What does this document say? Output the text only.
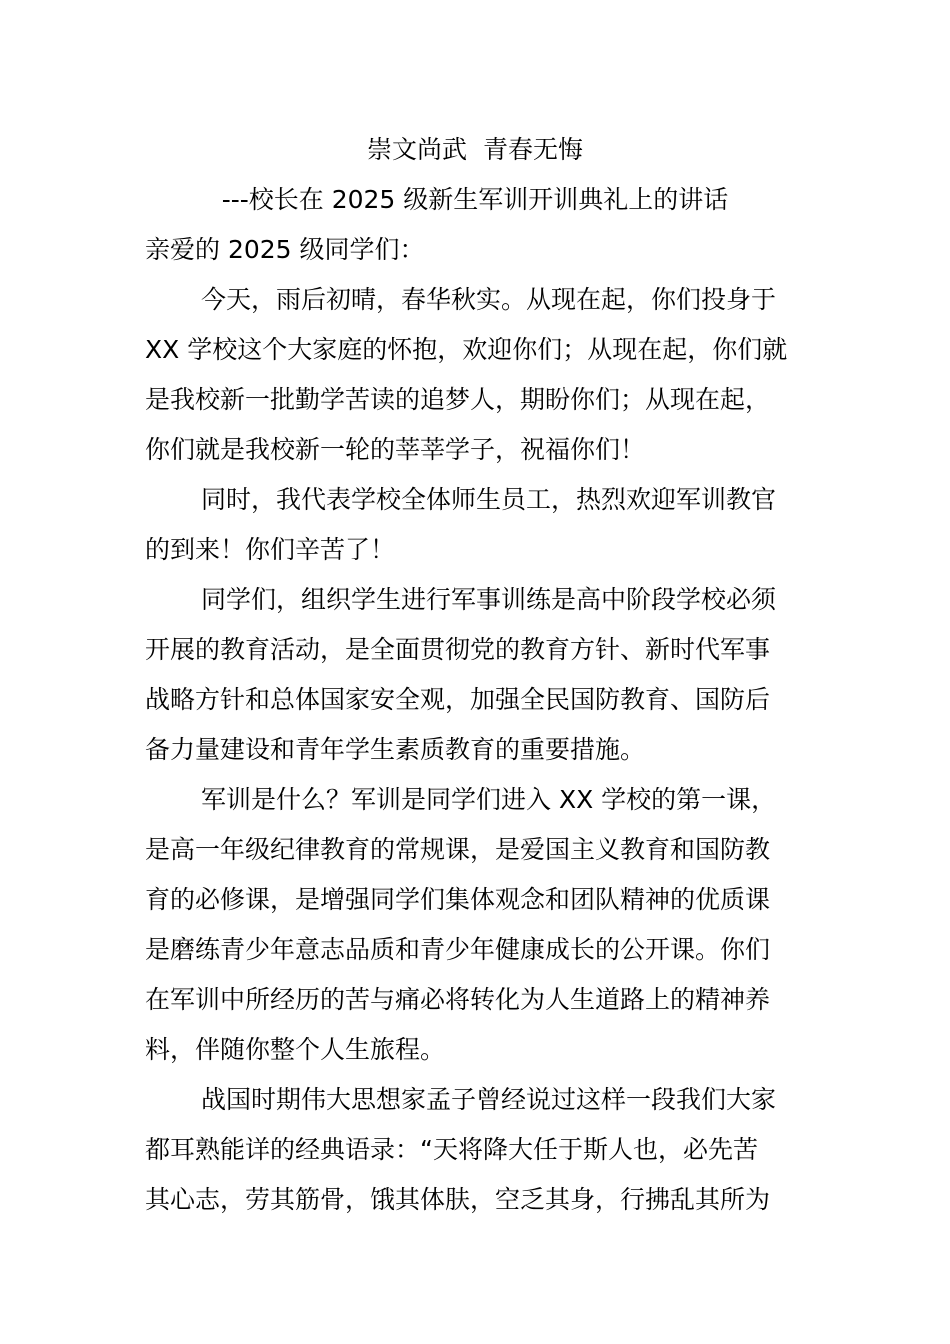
崇文尚武  青春无悔
---校长在 2025 级新生军训开训典礼上的讲话
亲爱的 2025 级同学们：
今天，雨后初晴，春华秋实。从现在起，你们投身于
XX 学校这个大家庭的怀抱，欢迎你们；从现在起，你们就
是我校新一批勤学苦读的追梦人，期盼你们；从现在起，
你们就是我校新一轮的莘莘学子，祝福你们！
同时，我代表学校全体师生员工，热烈欢迎军训教官
的到来！你们辛苦了！
同学们，组织学生进行军事训练是高中阶段学校必须
开展的教育活动，是全面贯彻党的教育方针、新时代军事
战略方针和总体国家安全观，加强全民国防教育、国防后
备力量建设和青年学生素质教育的重要措施。
军训是什么？军训是同学们进入 XX 学校的第一课，
是高一年级纪律教育的常规课，是爱国主义教育和国防教
育的必修课，是增强同学们集体观念和团队精神的优质课
是磨练青少年意志品质和青少年健康成长的公开课。你们
在军训中所经历的苦与痛必将转化为人生道路上的精神养
料，伴随你整个人生旅程。
战国时期伟大思想家孟子曾经说过这样一段我们大家
都耳熟能详的经典语录：“天将降大任于斯人也，必先苦
其心志，劳其筋骨，饿其体肤，空乏其身，行拂乱其所为
